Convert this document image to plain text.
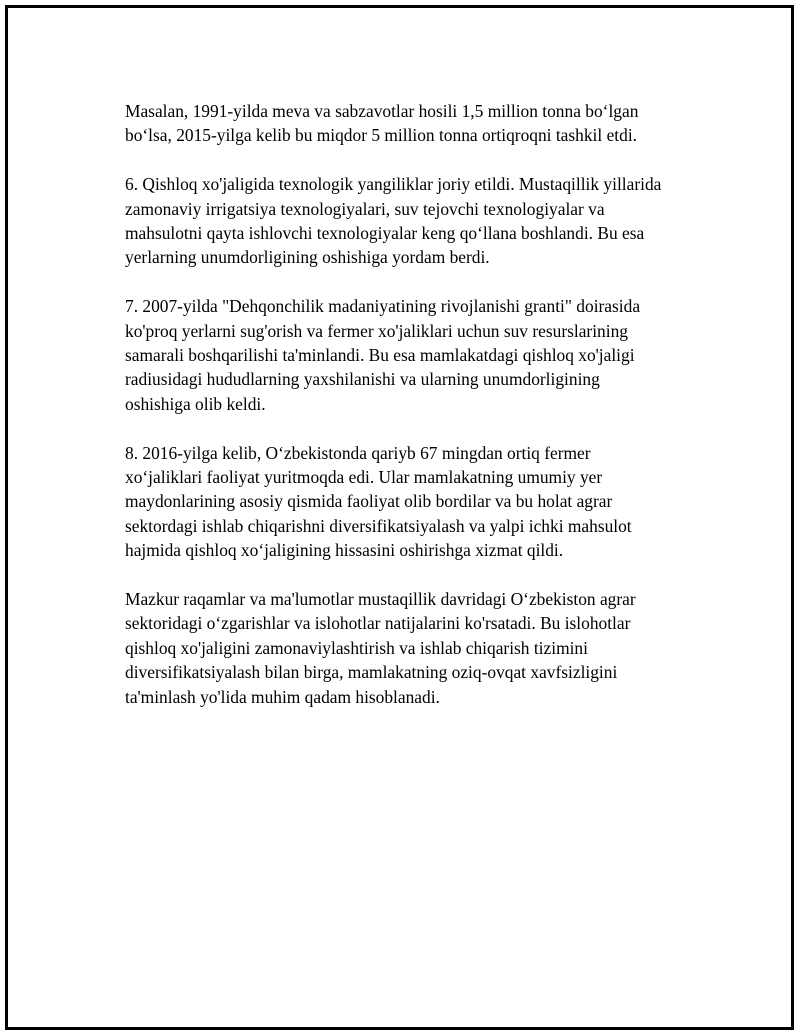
Masalan, 1991-yilda meva va sabzavotlar hosili 1,5 million tonna bo‘lgan
bo‘lsa, 2015-yilga kelib bu miqdor 5 million tonna ortiqroqni tashkil etdi.

6. Qishloq xo'jaligida texnologik yangiliklar joriy etildi. Mustaqillik yillarida
zamonaviy irrigatsiya texnologiyalari, suv tejovchi texnologiyalar va
mahsulotni qayta ishlovchi texnologiyalar keng qo‘llana boshlandi. Bu esa
yerlarning unumdorligining oshishiga yordam berdi.

7. 2007-yilda "Dehqonchilik madaniyatining rivojlanishi granti" doirasida
ko'proq yerlarni sug'orish va fermer xo'jaliklari uchun suv resurslarining
samarali boshqarilishi ta'minlandi. Bu esa mamlakatdagi qishloq xo'jaligi
radiusidagi hududlarning yaxshilanishi va ularning unumdorligining
oshishiga olib keldi.

8. 2016-yilga kelib, O‘zbekistonda qariyb 67 mingdan ortiq fermer
xo‘jaliklari faoliyat yuritmoqda edi. Ular mamlakatning umumiy yer
maydonlarining asosiy qismida faoliyat olib bordilar va bu holat agrar
sektordagi ishlab chiqarishni diversifikatsiyalash va yalpi ichki mahsulot
hajmida qishloq xo‘jaligining hissasini oshirishga xizmat qildi.

Mazkur raqamlar va ma'lumotlar mustaqillik davridagi O‘zbekiston agrar
sektoridagi o‘zgarishlar va islohotlar natijalarini ko'rsatadi. Bu islohotlar
qishloq xo'jaligini zamonaviylashtirish va ishlab chiqarish tizimini
diversifikatsiyalash bilan birga, mamlakatning oziq-ovqat xavfsizligini
ta'minlash yo'lida muhim qadam hisoblanadi.
